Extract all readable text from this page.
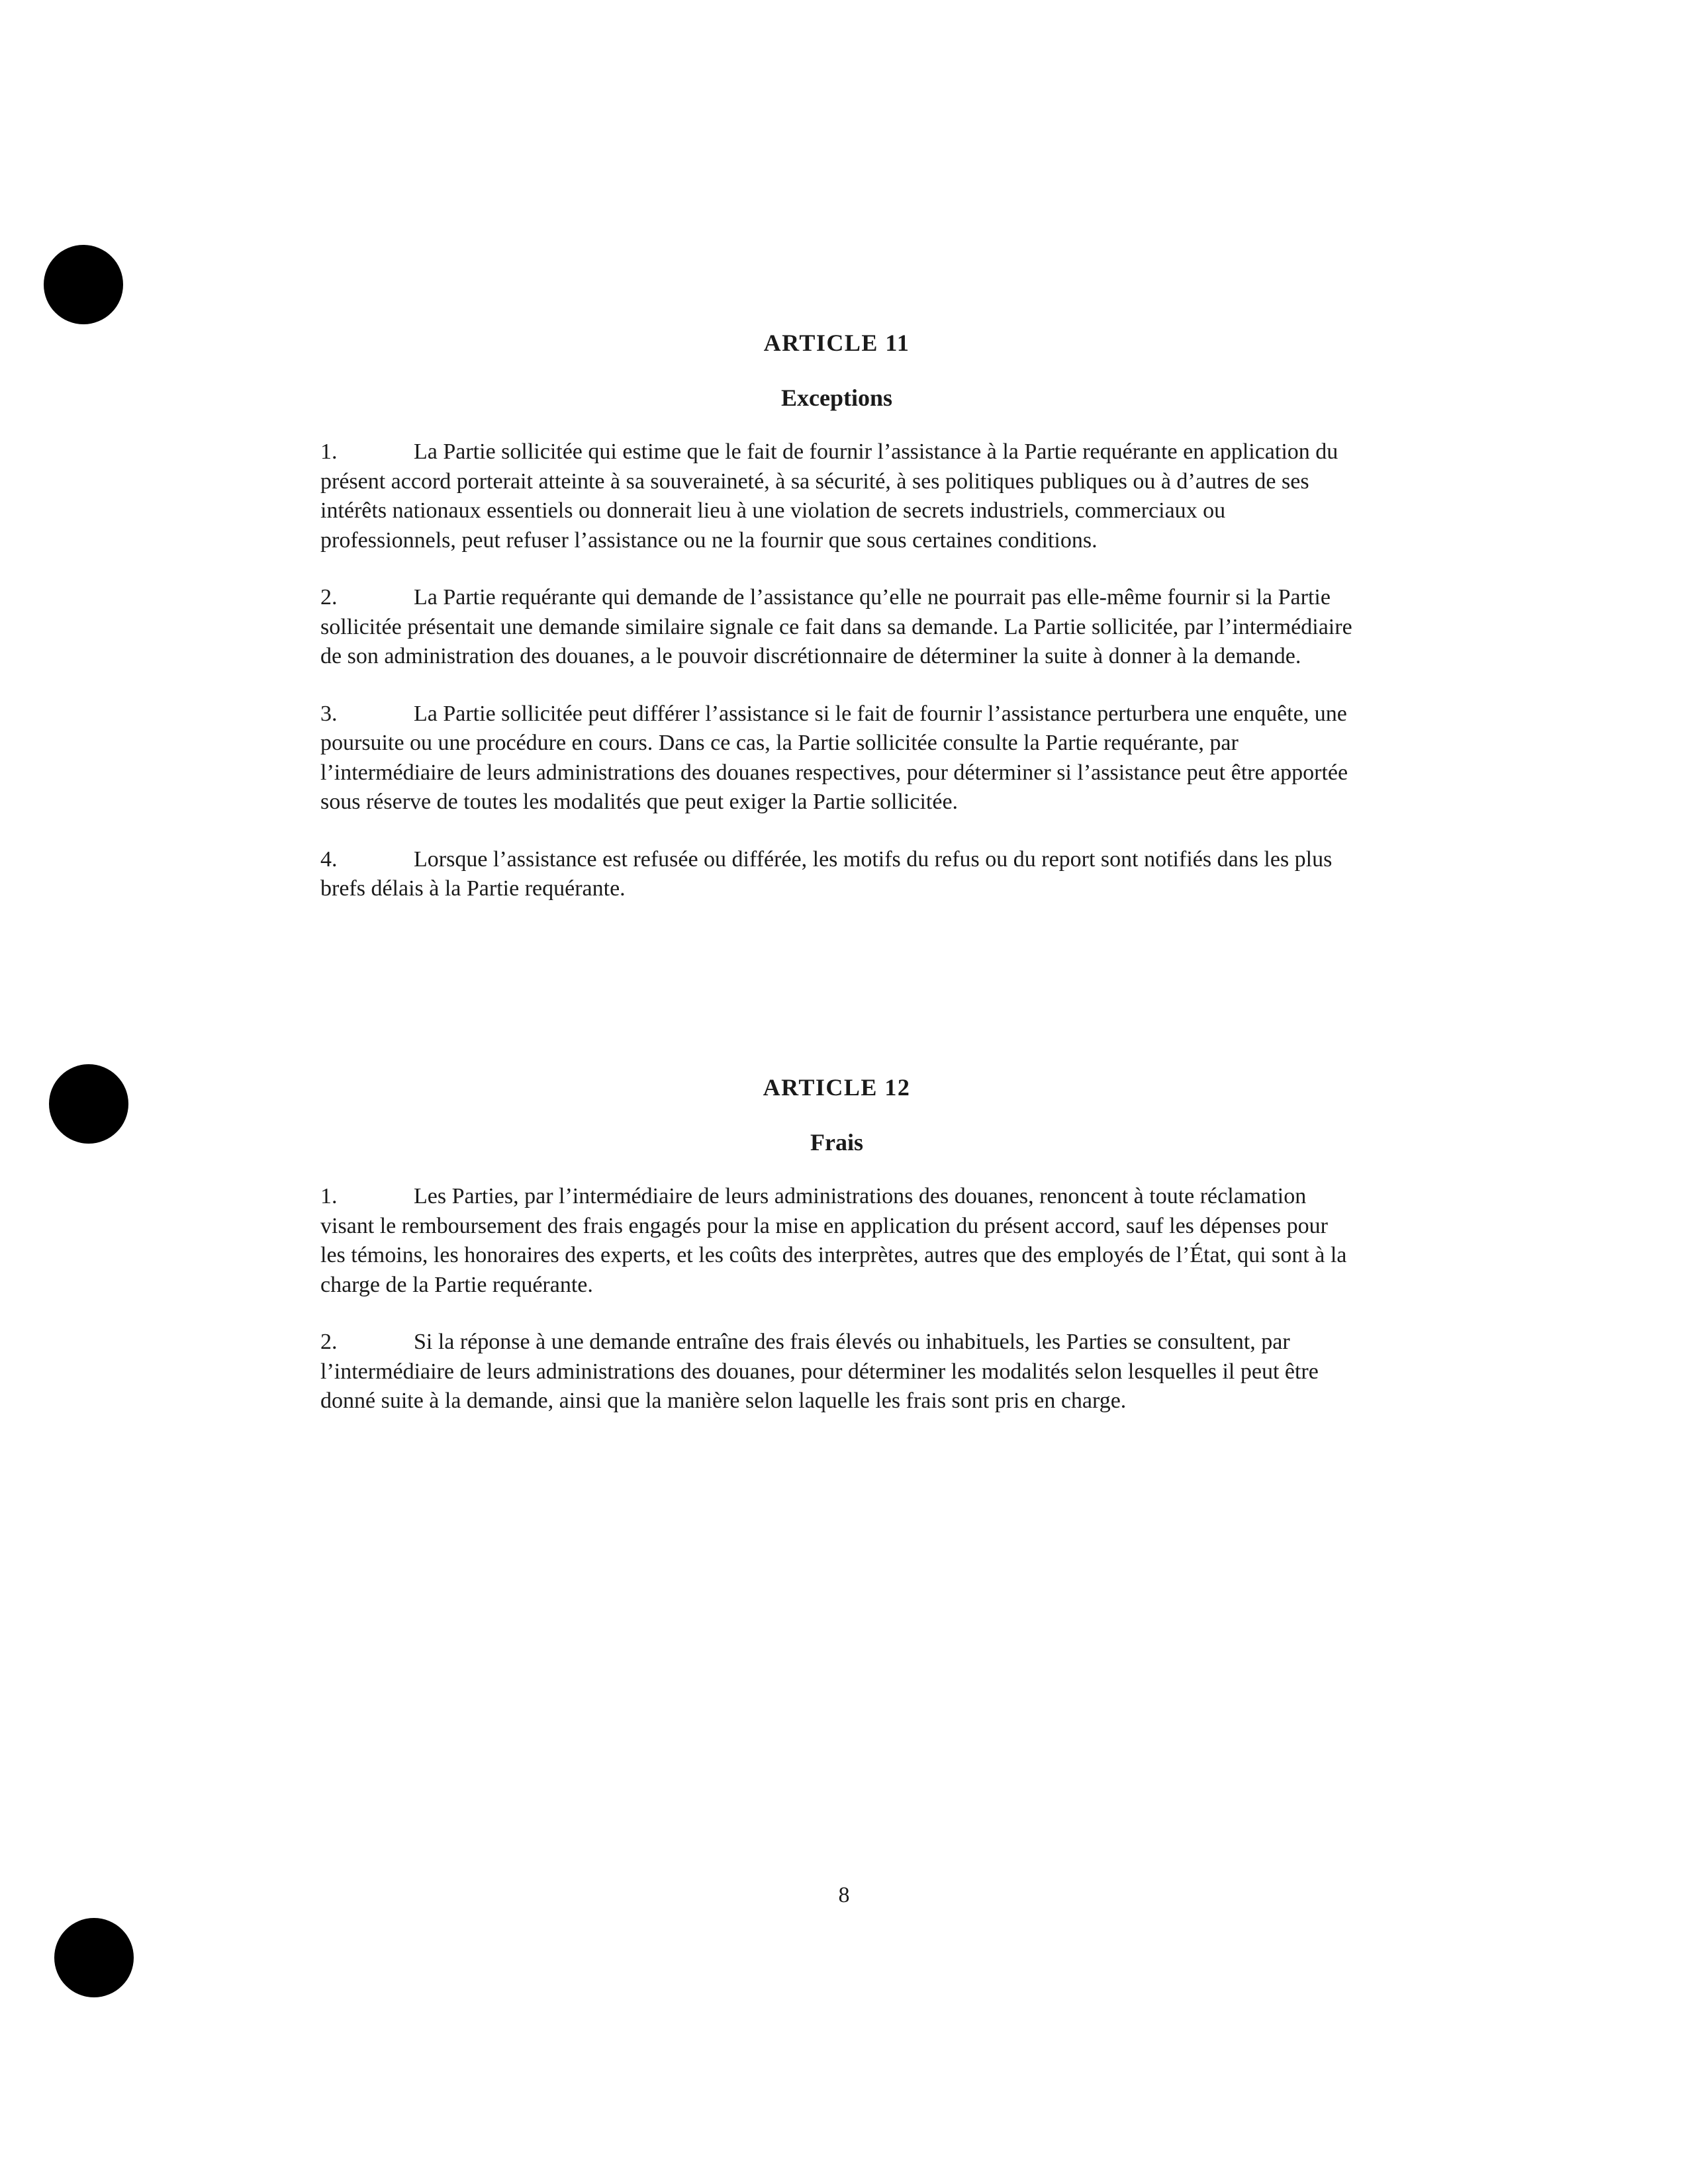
ARTICLE 11
Exceptions

1.	La Partie sollicitée qui estime que le fait de fournir l’assistance à la Partie requérante en application du présent accord porterait atteinte à sa souveraineté, à sa sécurité, à ses politiques publiques ou à d’autres de ses intérêts nationaux essentiels ou donnerait lieu à une violation de secrets industriels, commerciaux ou professionnels, peut refuser l’assistance ou ne la fournir que sous certaines conditions.

2.	La Partie requérante qui demande de l’assistance qu’elle ne pourrait pas elle-même fournir si la Partie sollicitée présentait une demande similaire signale ce fait dans sa demande. La Partie sollicitée, par l’intermédiaire de son administration des douanes, a le pouvoir discrétionnaire de déterminer la suite à donner à la demande.

3.	La Partie sollicitée peut différer l’assistance si le fait de fournir l’assistance perturbera une enquête, une poursuite ou une procédure en cours. Dans ce cas, la Partie sollicitée consulte la Partie requérante, par l’intermédiaire de leurs administrations des douanes respectives, pour déterminer si l’assistance peut être apportée sous réserve de toutes les modalités que peut exiger la Partie sollicitée.

4.	Lorsque l’assistance est refusée ou différée, les motifs du refus ou du report sont notifiés dans les plus brefs délais à la Partie requérante.

ARTICLE 12
Frais

1.	Les Parties, par l’intermédiaire de leurs administrations des douanes, renoncent à toute réclamation visant le remboursement des frais engagés pour la mise en application du présent accord, sauf les dépenses pour les témoins, les honoraires des experts, et les coûts des interprètes, autres que des employés de l’État, qui sont à la charge de la Partie requérante.

2.	Si la réponse à une demande entraîne des frais élevés ou inhabituels, les Parties se consultent, par l’intermédiaire de leurs administrations des douanes, pour déterminer les modalités selon lesquelles il peut être donné suite à la demande, ainsi que la manière selon laquelle les frais sont pris en charge.

8
